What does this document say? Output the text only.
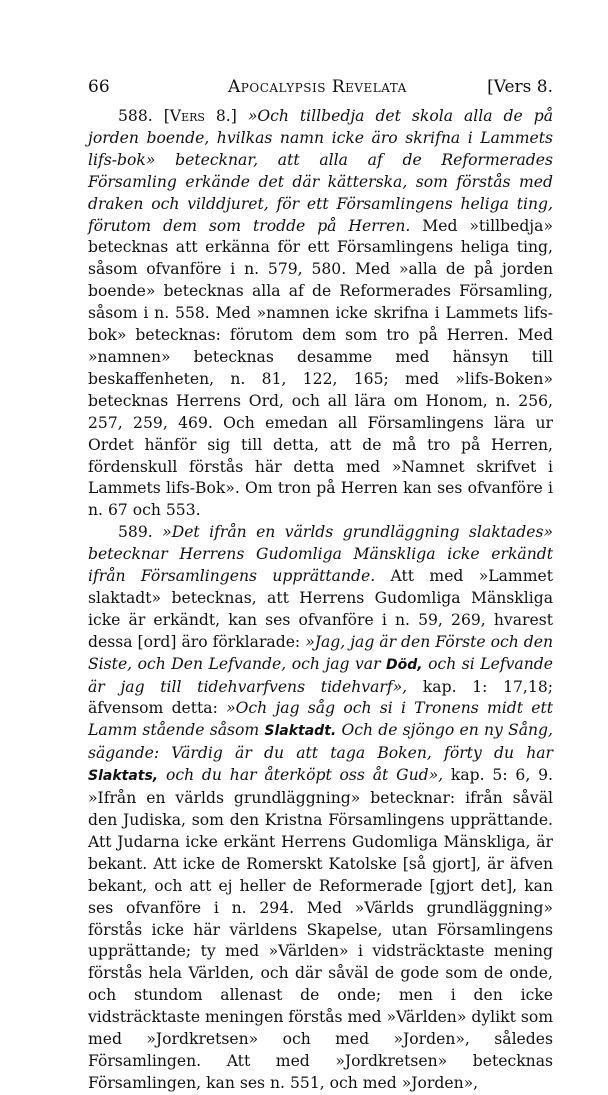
66	Apocalypsis Revelata	[Vers 8.

588. [Vers 8.] »Och tillbedja det skola alla de på jorden boende, hvilkas namn icke äro skrifna i Lammets lifs-bok» betecknar, att alla af de Reformerades Församling erkände det där kätterska, som förstås med draken och vilddjuret, för ett Församlingens heliga ting, förutom dem som trodde på Herren. Med »tillbedja» betecknas att erkänna för ett Församlingens heliga ting, såsom ofvanföre i n. 579, 580. Med »alla de på jorden boende» betecknas alla af de Reformerades Församling, såsom i n. 558. Med »namnen icke skrifna i Lammets lifs-bok» betecknas: förutom dem som tro på Herren. Med »namnen» betecknas desamme med hänsyn till beskaffenheten, n. 81, 122, 165; med »lifs-Boken» betecknas Herrens Ord, och all lära om Honom, n. 256, 257, 259, 469. Och emedan all Församlingens lära ur Ordet hänför sig till detta, att de må tro på Herren, fördenskull förstås här detta med »Namnet skrifvet i Lammets lifs-Bok». Om tron på Herren kan ses ofvanföre i n. 67 och 553.

589. »Det ifrån en världs grundläggning slaktades» betecknar Herrens Gudomliga Mänskliga icke erkändt ifrån Församlingens upprättande. Att med »Lammet slaktadt» betecknas, att Herrens Gudomliga Mänskliga icke är erkändt, kan ses ofvanföre i n. 59, 269, hvarest dessa [ord] äro förklarade: »Jag, jag är den Förste och den Siste, och Den Lefvande, och jag var Död, och si Lefvande är jag till tidehvarfvens tidehvarf», kap. 1: 17,18; äfvensom detta: »Och jag såg och si i Tronens midt ett Lamm stående såsom Slaktadt. Och de sjöngo en ny Sång, sägande: Värdig är du att taga Boken, förty du har Slaktats, och du har återköpt oss åt Gud», kap. 5: 6, 9. »Ifrån en världs grundläggning» betecknar: ifrån såväl den Judiska, som den Kristna Församlingens upprättande. Att Judarna icke erkänt Herrens Gudomliga Mänskliga, är bekant. Att icke de Romerskt Katolske [så gjort], är äfven bekant, och att ej heller de Reformerade [gjort det], kan ses ofvanföre i n. 294. Med »Världs grundläggning» förstås icke här världens Skapelse, utan Församlingens upprättande; ty med »Världen» i vidsträcktaste mening förstås hela Världen, och där såväl de gode som de onde, och stundom allenast de onde; men i den icke vidsträcktaste meningen förstås med »Världen» dylikt som med »Jordkretsen» och med »Jorden», således Församlingen. Att med »Jordkretsen» betecknas Församlingen, kan ses n. 551, och med »Jorden»,
